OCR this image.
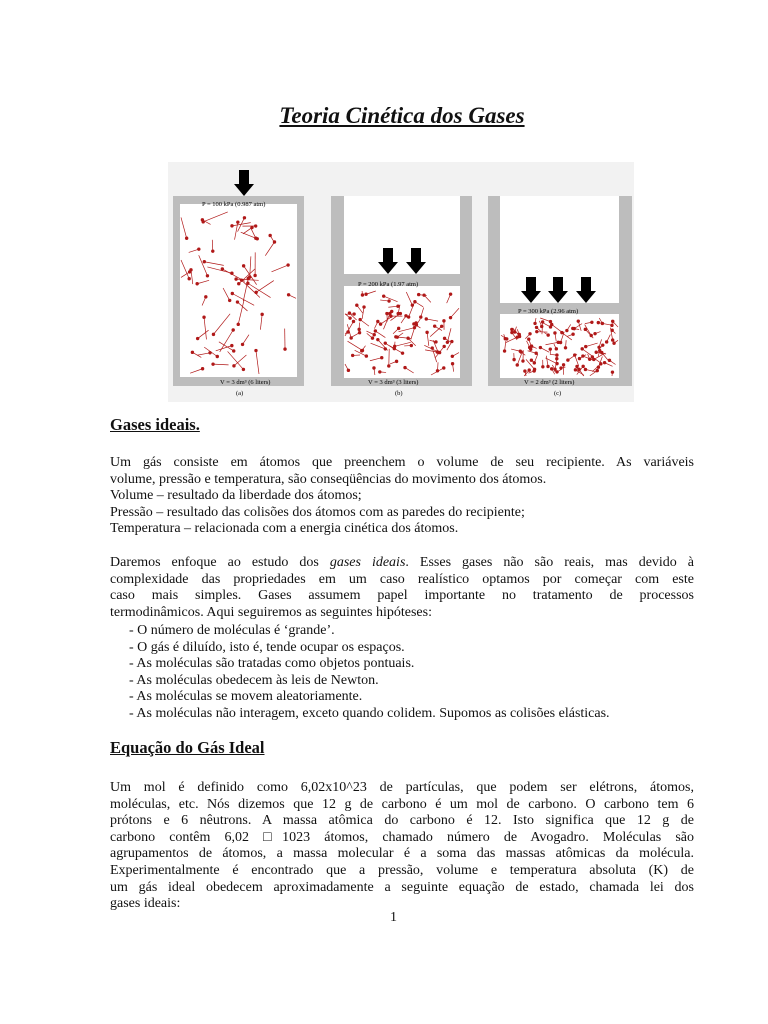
Teoria Cinética dos Gases
P = 100 kPa (0.987 atm)
V = 3 dm³ (6 liters)
(a)
P = 200 kPa (1.97 atm)
V = 3 dm³ (3 liters)
(b)
P = 300 kPa (2.96 atm)
V = 2 dm³ (2 liters)
(c)
Gases ideais.
Um gás consiste em átomos que preenchem o volume de seu recipiente. As variáveis
volume, pressão e temperatura, são conseqüências do movimento dos átomos.
Volume – resultado da liberdade dos átomos;
Pressão – resultado das colisões dos átomos com as paredes do recipiente;
Temperatura – relacionada com a energia cinética dos átomos.
Daremos enfoque ao estudo dos gases ideais. Esses gases não são reais, mas devido à
complexidade das propriedades em um caso realístico optamos por começar com este
caso mais simples. Gases assumem papel importante no tratamento de processos
termodinâmicos. Aqui seguiremos as seguintes hipóteses:
- O número de moléculas é ‘grande’.
- O gás é diluído, isto é, tende ocupar os espaços.
- As moléculas são tratadas como objetos pontuais.
- As moléculas obedecem às leis de Newton.
- As moléculas se movem aleatoriamente.
- As moléculas não interagem, exceto quando colidem. Supomos as colisões elásticas.
Equação do Gás Ideal
Um mol é definido como 6,02x10^23 de partículas, que podem ser elétrons, átomos,
moléculas, etc. Nós dizemos que 12 g de carbono é um mol de carbono. O carbono tem 6
prótons e 6 nêutrons. A massa atômica do carbono é 12. Isto significa que 12 g de
carbono contêm 6,02 □1023 átomos, chamado número de Avogadro. Moléculas são
agrupamentos de átomos, a massa molecular é a soma das massas atômicas da molécula.
Experimentalmente é encontrado que a pressão, volume e temperatura absoluta (K) de
um gás ideal obedecem aproximadamente a seguinte equação de estado, chamada lei dos
gases ideais:
1
